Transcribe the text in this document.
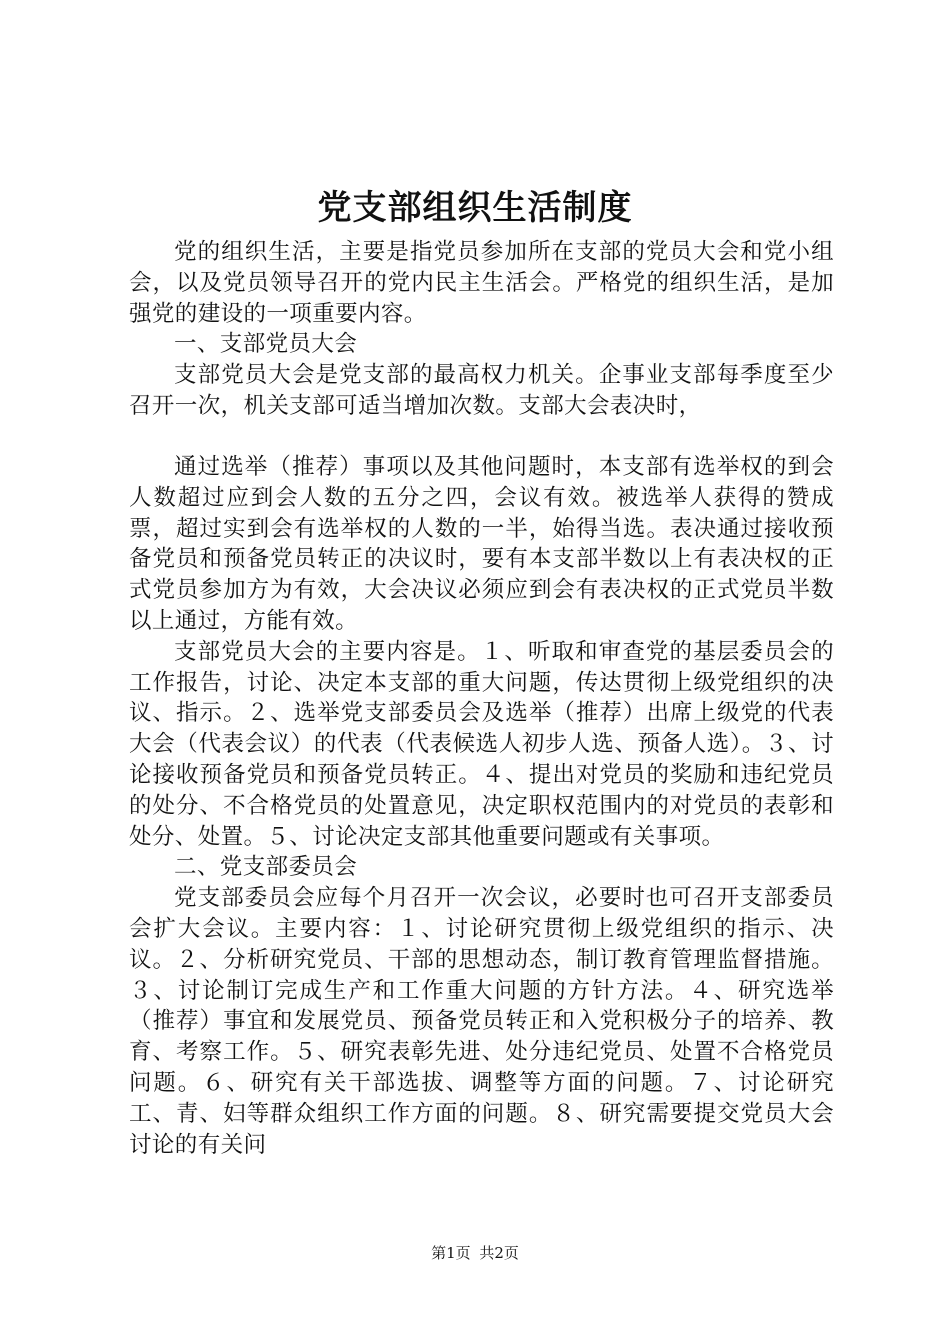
党支部组织生活制度

党的组织生活，主要是指党员参加所在支部的党员大会和党小组会，以及党员领导召开的党内民主生活会。严格党的组织生活，是加强党的建设的一项重要内容。

一、支部党员大会

支部党员大会是党支部的最高权力机关。企事业支部每季度至少召开一次，机关支部可适当增加次数。支部大会表决时，

通过选举（推荐）事项以及其他问题时，本支部有选举权的到会人数超过应到会人数的五分之四，会议有效。被选举人获得的赞成票，超过实到会有选举权的人数的一半，始得当选。表决通过接收预备党员和预备党员转正的决议时，要有本支部半数以上有表决权的正式党员参加方为有效，大会决议必须应到会有表决权的正式党员半数以上通过，方能有效。

支部党员大会的主要内容是。１、听取和审查党的基层委员会的工作报告，讨论、决定本支部的重大问题，传达贯彻上级党组织的决议、指示。２、选举党支部委员会及选举（推荐）出席上级党的代表大会（代表会议）的代表（代表候选人初步人选、预备人选）。３、讨论接收预备党员和预备党员转正。４、提出对党员的奖励和违纪党员的处分、不合格党员的处置意见，决定职权范围内的对党员的表彰和处分、处置。５、讨论决定支部其他重要问题或有关事项。

二、党支部委员会

党支部委员会应每个月召开一次会议，必要时也可召开支部委员会扩大会议。主要内容：１、讨论研究贯彻上级党组织的指示、决议。２、分析研究党员、干部的思想动态，制订教育管理监督措施。３、讨论制订完成生产和工作重大问题的方针方法。４、研究选举（推荐）事宜和发展党员、预备党员转正和入党积极分子的培养、教育、考察工作。５、研究表彰先进、处分违纪党员、处置不合格党员问题。６、研究有关干部选拔、调整等方面的问题。７、讨论研究工、青、妇等群众组织工作方面的问题。８、研究需要提交党员大会讨论的有关问

第1页 共2页
